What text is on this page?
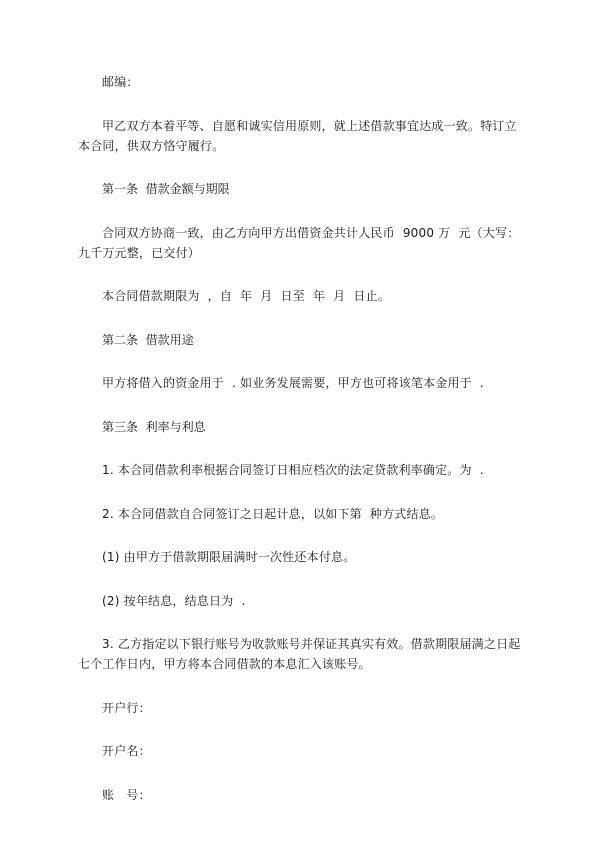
邮编：

甲乙双方本着平等、自愿和诚实信用原则，就上述借款事宜达成一致。特订立本合同，供双方恪守履行。

第一条  借款金额与期限

合同双方协商一致，由乙方向甲方出借资金共计人民币  9000 万  元（大写：九千万元整，已交付）

本合同借款期限为  ，自  年  月  日至  年  月  日止。

第二条  借款用途

甲方将借入的资金用于  . 如业务发展需要，甲方也可将该笔本金用于  .

第三条  利率与利息

1. 本合同借款利率根据合同签订日相应档次的法定贷款利率确定。为  .

2. 本合同借款自合同签订之日起计息，以如下第  种方式结息。

(1) 由甲方于借款期限届满时一次性还本付息。

(2) 按年结息，结息日为  .

3. 乙方指定以下银行账号为收款账号并保证其真实有效。借款期限届满之日起七个工作日内，甲方将本合同借款的本息汇入该账号。

开户行：

开户名：

账   号：
